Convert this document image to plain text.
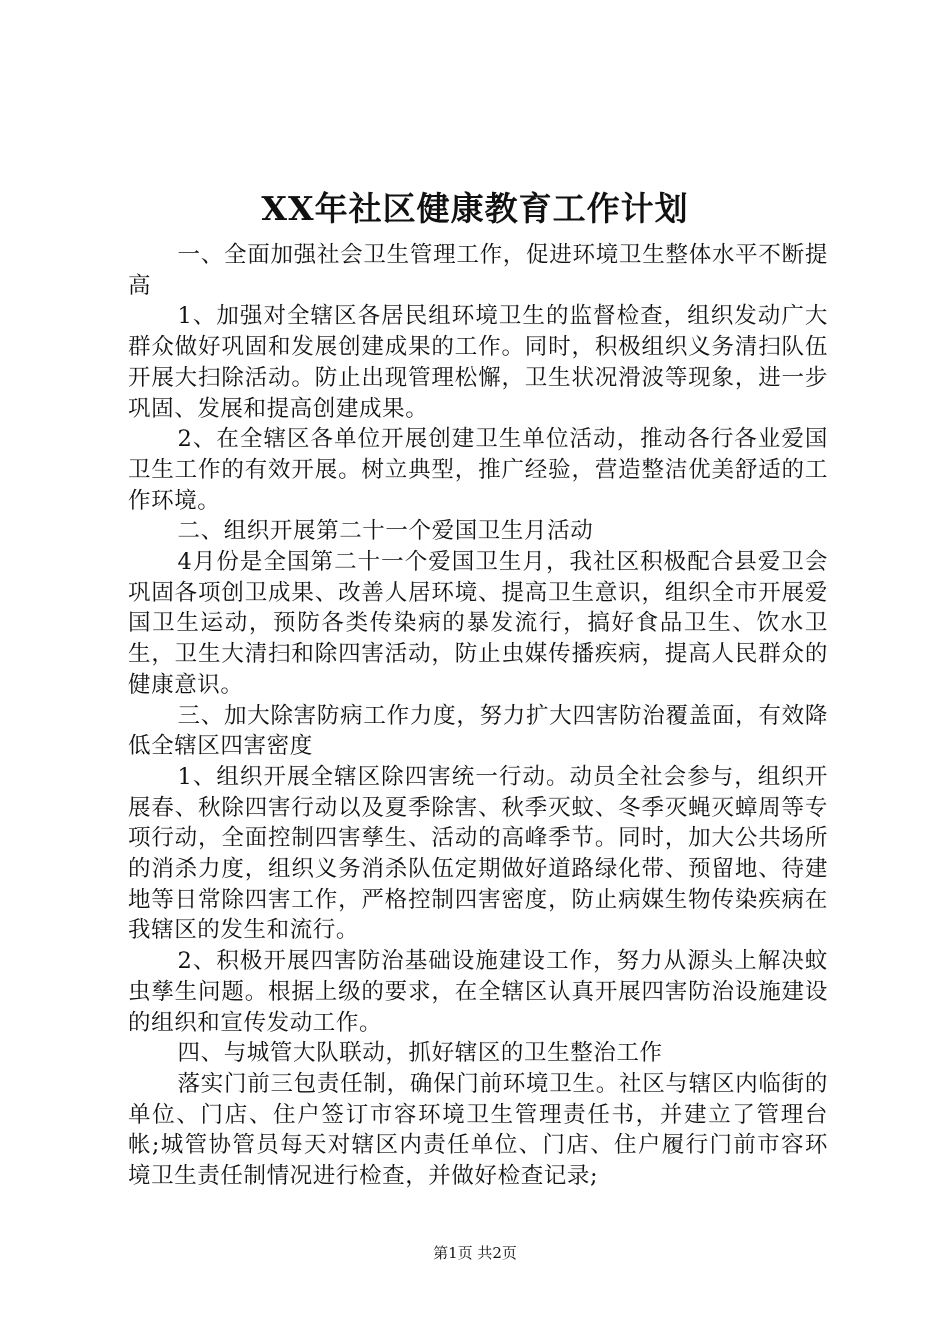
XX年社区健康教育工作计划

一、全面加强社会卫生管理工作，促进环境卫生整体水平不断提高

1、加强对全辖区各居民组环境卫生的监督检查，组织发动广大群众做好巩固和发展创建成果的工作。同时，积极组织义务清扫队伍开展大扫除活动。防止出现管理松懈，卫生状况滑波等现象，进一步巩固、发展和提高创建成果。

2、在全辖区各单位开展创建卫生单位活动，推动各行各业爱国卫生工作的有效开展。树立典型，推广经验，营造整洁优美舒适的工作环境。

二、组织开展第二十一个爱国卫生月活动

4月份是全国第二十一个爱国卫生月，我社区积极配合县爱卫会巩固各项创卫成果、改善人居环境、提高卫生意识，组织全市开展爱国卫生运动，预防各类传染病的暴发流行，搞好食品卫生、饮水卫生，卫生大清扫和除四害活动，防止虫媒传播疾病，提高人民群众的健康意识。

三、加大除害防病工作力度，努力扩大四害防治覆盖面，有效降低全辖区四害密度

1、组织开展全辖区除四害统一行动。动员全社会参与，组织开展春、秋除四害行动以及夏季除害、秋季灭蚊、冬季灭蝇灭蟑周等专项行动，全面控制四害孳生、活动的高峰季节。同时，加大公共场所的消杀力度，组织义务消杀队伍定期做好道路绿化带、预留地、待建地等日常除四害工作，严格控制四害密度，防止病媒生物传染疾病在我辖区的发生和流行。

2、积极开展四害防治基础设施建设工作，努力从源头上解决蚊虫孳生问题。根据上级的要求，在全辖区认真开展四害防治设施建设的组织和宣传发动工作。

四、与城管大队联动，抓好辖区的卫生整治工作

落实门前三包责任制，确保门前环境卫生。社区与辖区内临街的单位、门店、住户签订市容环境卫生管理责任书，并建立了管理台帐;城管协管员每天对辖区内责任单位、门店、住户履行门前市容环境卫生责任制情况进行检查，并做好检查记录;

第1页 共2页
